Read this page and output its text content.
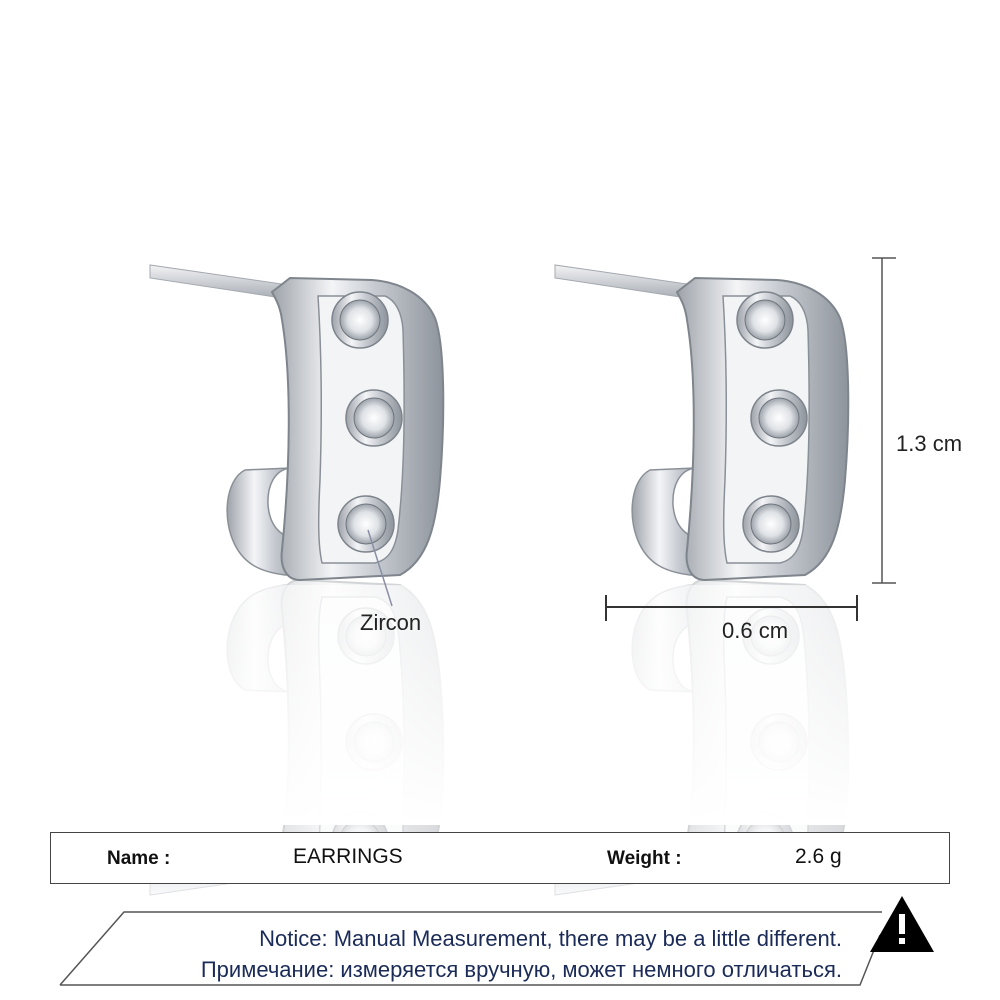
Zircon
1.3 cm
0.6 cm
Name :	EARRINGS	Weight :	2.6 g
Notice: Manual Measurement, there may be a little different.
Примечание: измеряется вручную, может немного отличаться.
